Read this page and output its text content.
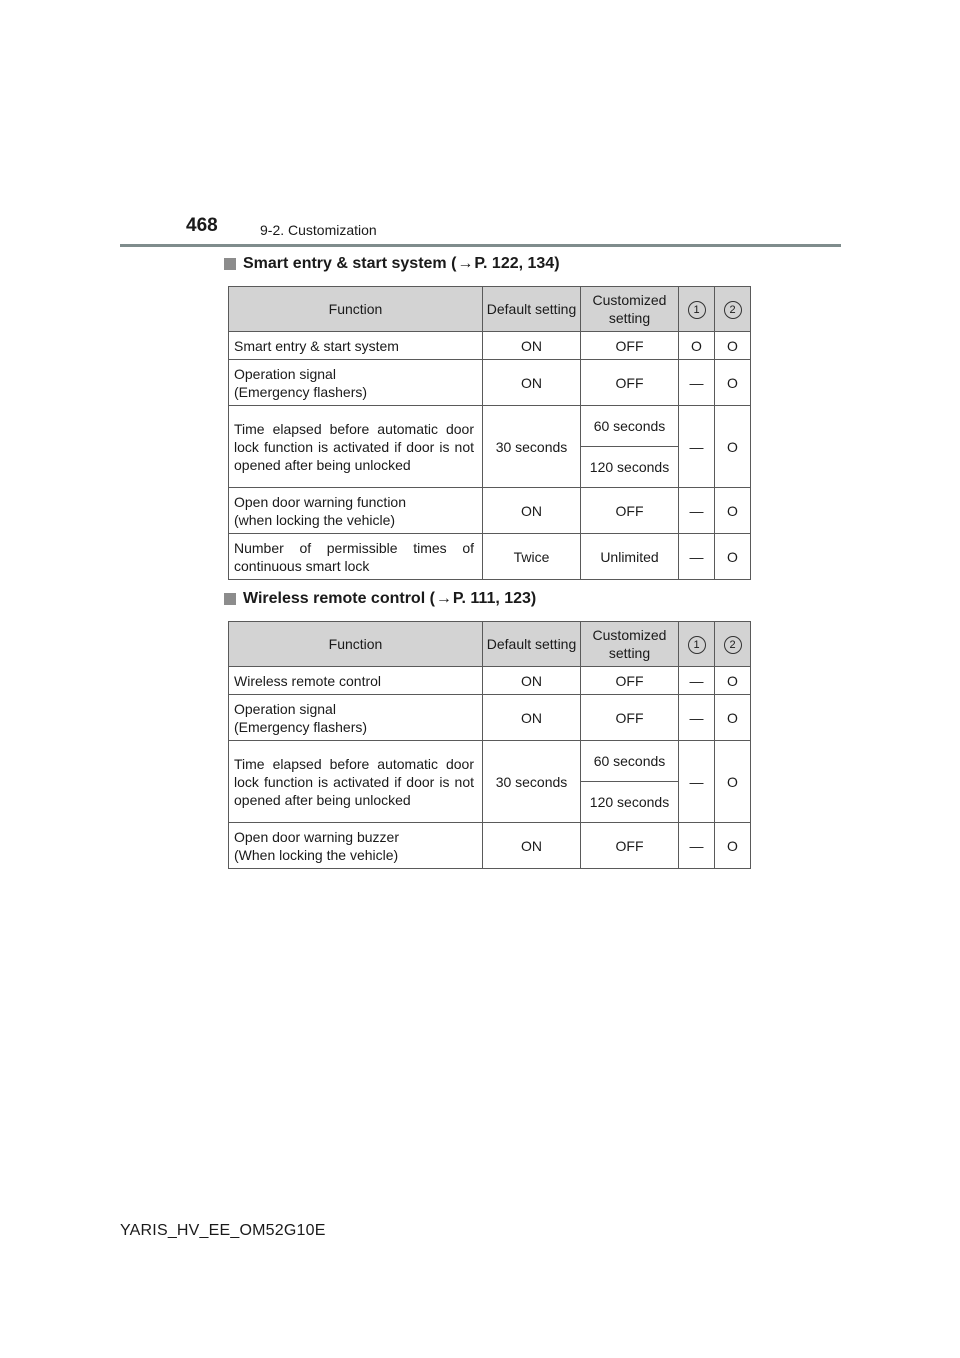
468	9-2. Customization
Smart entry & start system ( → P. 122, 134)
Function	Default setting	Customized setting	1	2
Smart entry & start system	ON	OFF	O	O
Operation signal
(Emergency flashers)	ON	OFF	—	O
Time elapsed before automatic door lock function is activated if door is not opened after being unlocked	30 seconds	60 seconds	—	O
		120 seconds		
Open door warning function
(when locking the vehicle)	ON	OFF	—	O
Number of permissible times of continuous smart lock	Twice	Unlimited	—	O
Wireless remote control ( → P. 111, 123)
Function	Default setting	Customized setting	1	2
Wireless remote control	ON	OFF	—	O
Operation signal
(Emergency flashers)	ON	OFF	—	O
Time elapsed before automatic door lock function is activated if door is not opened after being unlocked	30 seconds	60 seconds	—	O
		120 seconds		
Open door warning buzzer
(When locking the vehicle)	ON	OFF	—	O
YARIS_HV_EE_OM52G10E
